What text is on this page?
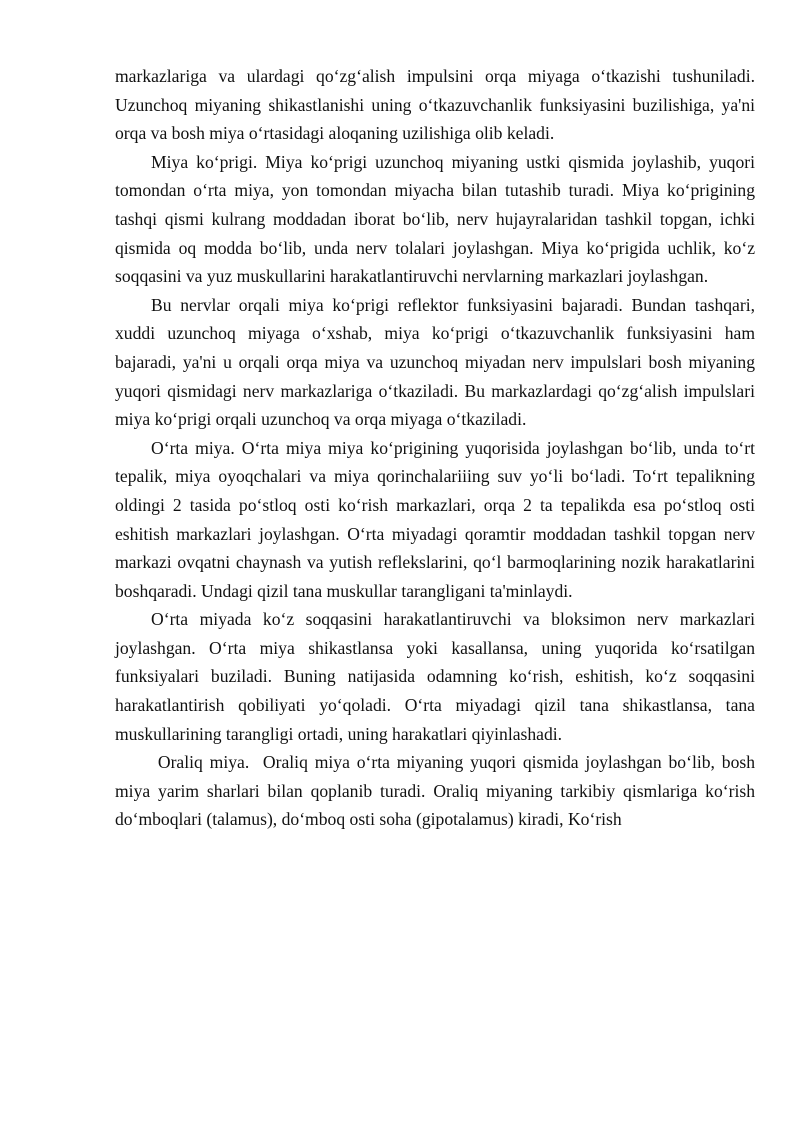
markazlariga va ulardagi qo‘zg‘alish impulsini orqa miyaga o‘tkazishi tushuniladi. Uzunchoq miyaning shikastlanishi uning o‘tkazuvchanlik funksiyasini buzilishiga, ya'ni orqa va bosh miya o‘rtasidagi aloqaning uzilishiga olib keladi.

Miya ko‘prigi. Miya ko‘prigi uzunchoq miyaning ustki qismida joylashib, yuqori tomondan o‘rta miya, yon tomondan miyacha bilan tutashib turadi. Miya ko‘prigining tashqi qismi kulrang moddadan iborat bo‘lib, nerv hujayralaridan tashkil topgan, ichki qismida oq modda bo‘lib, unda nerv tolalari joylashgan. Miya ko‘prigida uchlik, ko‘z soqqasini va yuz muskullarini harakatlantiruvchi nervlarning markazlari joylashgan.

Bu nervlar orqali miya ko‘prigi reflektor funksiyasini bajaradi. Bundan tashqari, xuddi uzunchoq miyaga o‘xshab, miya ko‘prigi o‘tkazuvchanlik funksiyasini ham bajaradi, ya'ni u orqali orqa miya va uzunchoq miyadan nerv impulslari bosh miyaning yuqori qismidagi nerv markazlariga o‘tkaziladi. Bu markazlardagi qo‘zg‘alish impulslari miya ko‘prigi orqali uzunchoq va orqa miyaga o‘tkaziladi.

O‘rta miya. O‘rta miya miya ko‘prigining yuqorisida joylashgan bo‘lib, unda to‘rt tepalik, miya oyoqchalari va miya qorinchalariiing suv yo‘li bo‘ladi. To‘rt tepalikning oldingi 2 tasida po‘stloq osti ko‘rish markazlari, orqa 2 ta tepalikda esa po‘stloq osti eshitish markazlari joylashgan. O‘rta miyadagi qoramtir moddadan tashkil topgan nerv markazi ovqatni chaynash va yutish reflekslarini, qo‘l barmoqlarining nozik harakatlarini boshqaradi. Undagi qizil tana muskullar tarangligani ta'minlaydi.

O‘rta miyada ko‘z soqqasini harakatlantiruvchi va bloksimon nerv markazlari joylashgan. O‘rta miya shikastlansa yoki kasallansa, uning yuqorida ko‘rsatilgan funksiyalari buziladi. Buning natijasida odamning ko‘rish, eshitish, ko‘z soqqasini harakatlantirish qobiliyati yo‘qoladi. O‘rta miyadagi qizil tana shikastlansa, tana muskullarining tarangligi ortadi, uning harakatlari qiyinlashadi.

Oraliq miya.  Oraliq miya o‘rta miyaning yuqori qismida joylashgan bo‘lib, bosh miya yarim sharlari bilan qoplanib turadi. Oraliq miyaning tarkibiy qismlariga ko‘rish do‘mboqlari (talamus), do‘mboq osti soha (gipotalamus) kiradi, Ko‘rish
